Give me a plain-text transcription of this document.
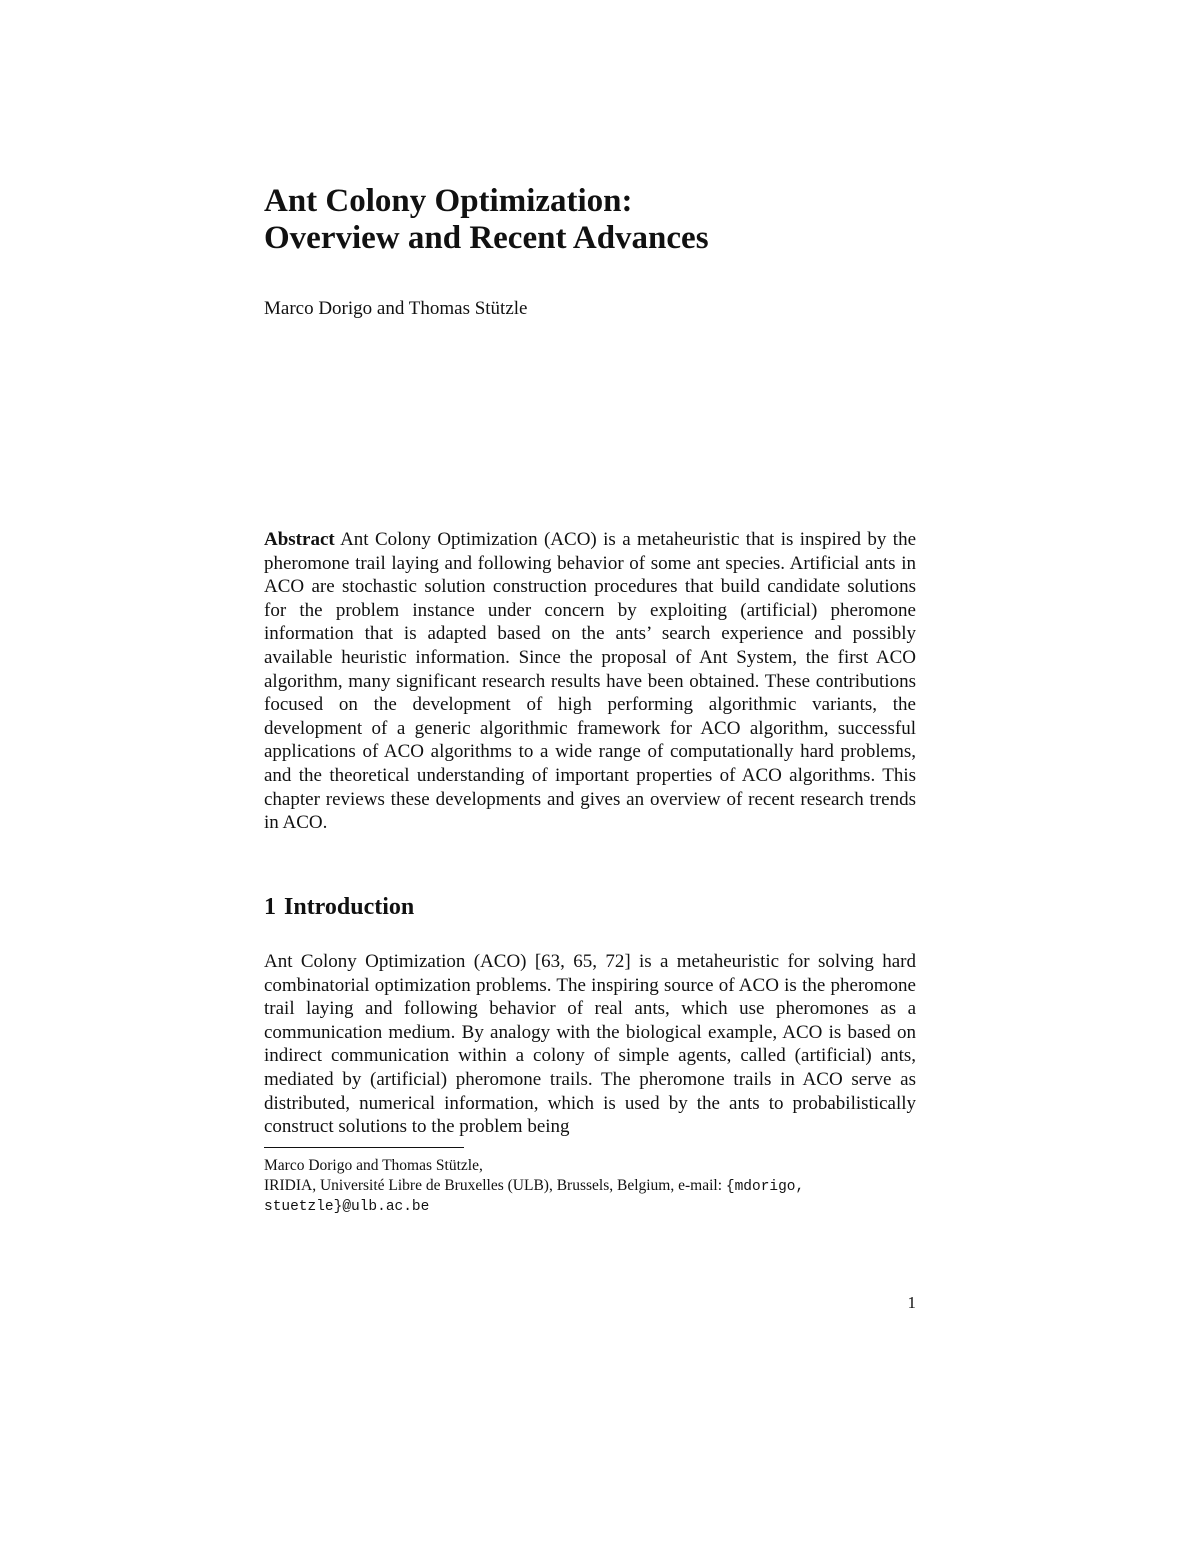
Ant Colony Optimization:
Overview and Recent Advances
Marco Dorigo and Thomas Stützle

Abstract Ant Colony Optimization (ACO) is a metaheuristic that is inspired by the pheromone trail laying and following behavior of some ant species. Artificial ants in ACO are stochastic solution construction procedures that build candidate solutions for the problem instance under concern by exploiting (artificial) pheromone information that is adapted based on the ants’ search experience and possibly available heuristic information. Since the proposal of Ant System, the first ACO algorithm, many significant research results have been obtained. These contributions focused on the development of high performing algorithmic variants, the development of a generic algorithmic framework for ACO algorithm, successful applications of ACO algorithms to a wide range of computationally hard problems, and the theoretical understanding of important properties of ACO algorithms. This chapter reviews these developments and gives an overview of recent research trends in ACO.

1 Introduction

Ant Colony Optimization (ACO) [63, 65, 72] is a metaheuristic for solving hard combinatorial optimization problems. The inspiring source of ACO is the pheromone trail laying and following behavior of real ants, which use pheromones as a communication medium. By analogy with the biological example, ACO is based on indirect communication within a colony of simple agents, called (artificial) ants, mediated by (artificial) pheromone trails. The pheromone trails in ACO serve as distributed, numerical information, which is used by the ants to probabilistically construct solutions to the problem being

Marco Dorigo and Thomas Stützle,
IRIDIA, Université Libre de Bruxelles (ULB), Brussels, Belgium, e-mail: {mdorigo,
stuetzle}@ulb.ac.be
1
